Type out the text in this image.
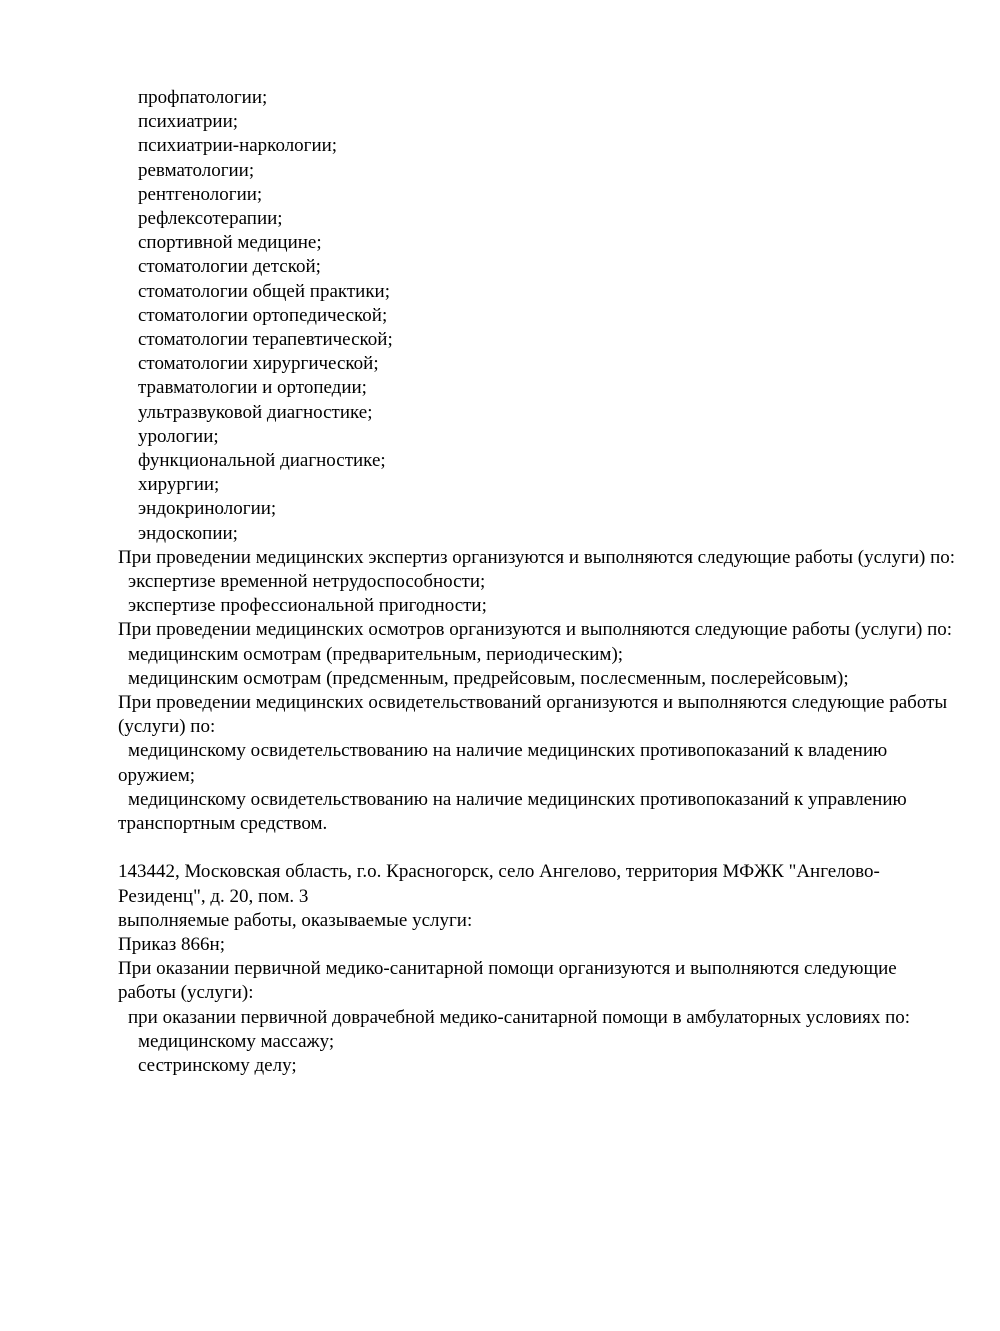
профпатологии;
психиатрии;
психиатрии-наркологии;
ревматологии;
рентгенологии;
рефлексотерапии;
спортивной медицине;
стоматологии детской;
стоматологии общей практики;
стоматологии ортопедической;
стоматологии терапевтической;
стоматологии хирургической;
травматологии и ортопедии;
ультразвуковой диагностике;
урологии;
функциональной диагностике;
хирургии;
эндокринологии;
эндоскопии;

При проведении медицинских экспертиз организуются и выполняются следующие работы (услуги) по:

экспертизе временной нетрудоспособности;
экспертизе профессиональной пригодности;

При проведении медицинских осмотров организуются и выполняются следующие работы (услуги) по:

медицинским осмотрам (предварительным, периодическим);
медицинским осмотрам (предсменным, предрейсовым, послесменным, послерейсовым);

При проведении медицинских освидетельствований организуются и выполняются следующие работы (услуги) по:

медицинскому освидетельствованию на наличие медицинских противопоказаний к владению оружием;

медицинскому освидетельствованию на наличие медицинских противопоказаний к управлению транспортным средством.

143442, Московская область, г.о. Красногорск, село Ангелово, территория МФЖК "Ангелово-Резиденц", д. 20, пом. 3

выполняемые работы, оказываемые услуги:

Приказ 866н;

При оказании первичной медико-санитарной помощи организуются и выполняются следующие работы (услуги):

при оказании первичной доврачебной медико-санитарной помощи в амбулаторных условиях по:

медицинскому массажу;
сестринскому делу;
